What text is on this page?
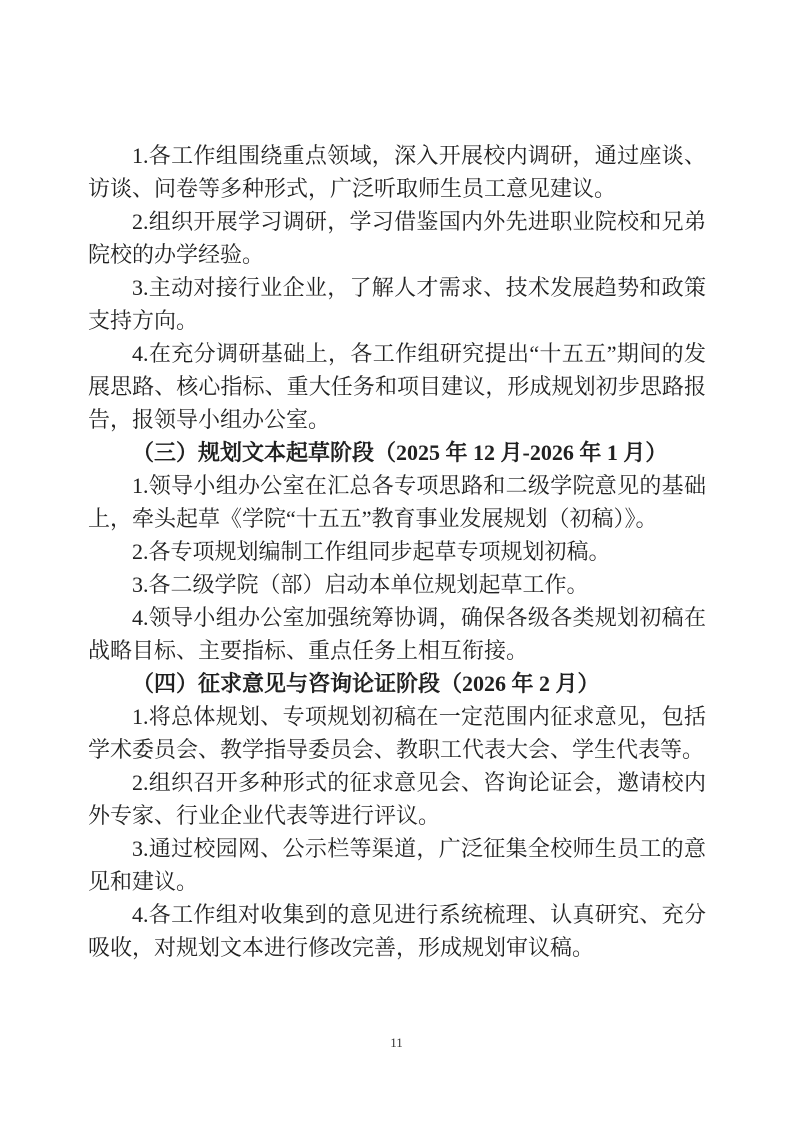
1.各工作组围绕重点领域，深入开展校内调研，通过座谈、访谈、问卷等多种形式，广泛听取师生员工意见建议。

2.组织开展学习调研，学习借鉴国内外先进职业院校和兄弟院校的办学经验。

3.主动对接行业企业，了解人才需求、技术发展趋势和政策支持方向。

4.在充分调研基础上，各工作组研究提出“十五五”期间的发展思路、核心指标、重大任务和项目建议，形成规划初步思路报告，报领导小组办公室。

（三）规划文本起草阶段（2025 年 12 月-2026 年 1 月）

1.领导小组办公室在汇总各专项思路和二级学院意见的基础上，牵头起草《学院“十五五”教育事业发展规划（初稿）》。

2.各专项规划编制工作组同步起草专项规划初稿。

3.各二级学院（部）启动本单位规划起草工作。

4.领导小组办公室加强统筹协调，确保各级各类规划初稿在战略目标、主要指标、重点任务上相互衔接。

（四）征求意见与咨询论证阶段（2026 年 2 月）

1.将总体规划、专项规划初稿在一定范围内征求意见，包括学术委员会、教学指导委员会、教职工代表大会、学生代表等。

2.组织召开多种形式的征求意见会、咨询论证会，邀请校内外专家、行业企业代表等进行评议。

3.通过校园网、公示栏等渠道，广泛征集全校师生员工的意见和建议。

4.各工作组对收集到的意见进行系统梳理、认真研究、充分吸收，对规划文本进行修改完善，形成规划审议稿。

11
